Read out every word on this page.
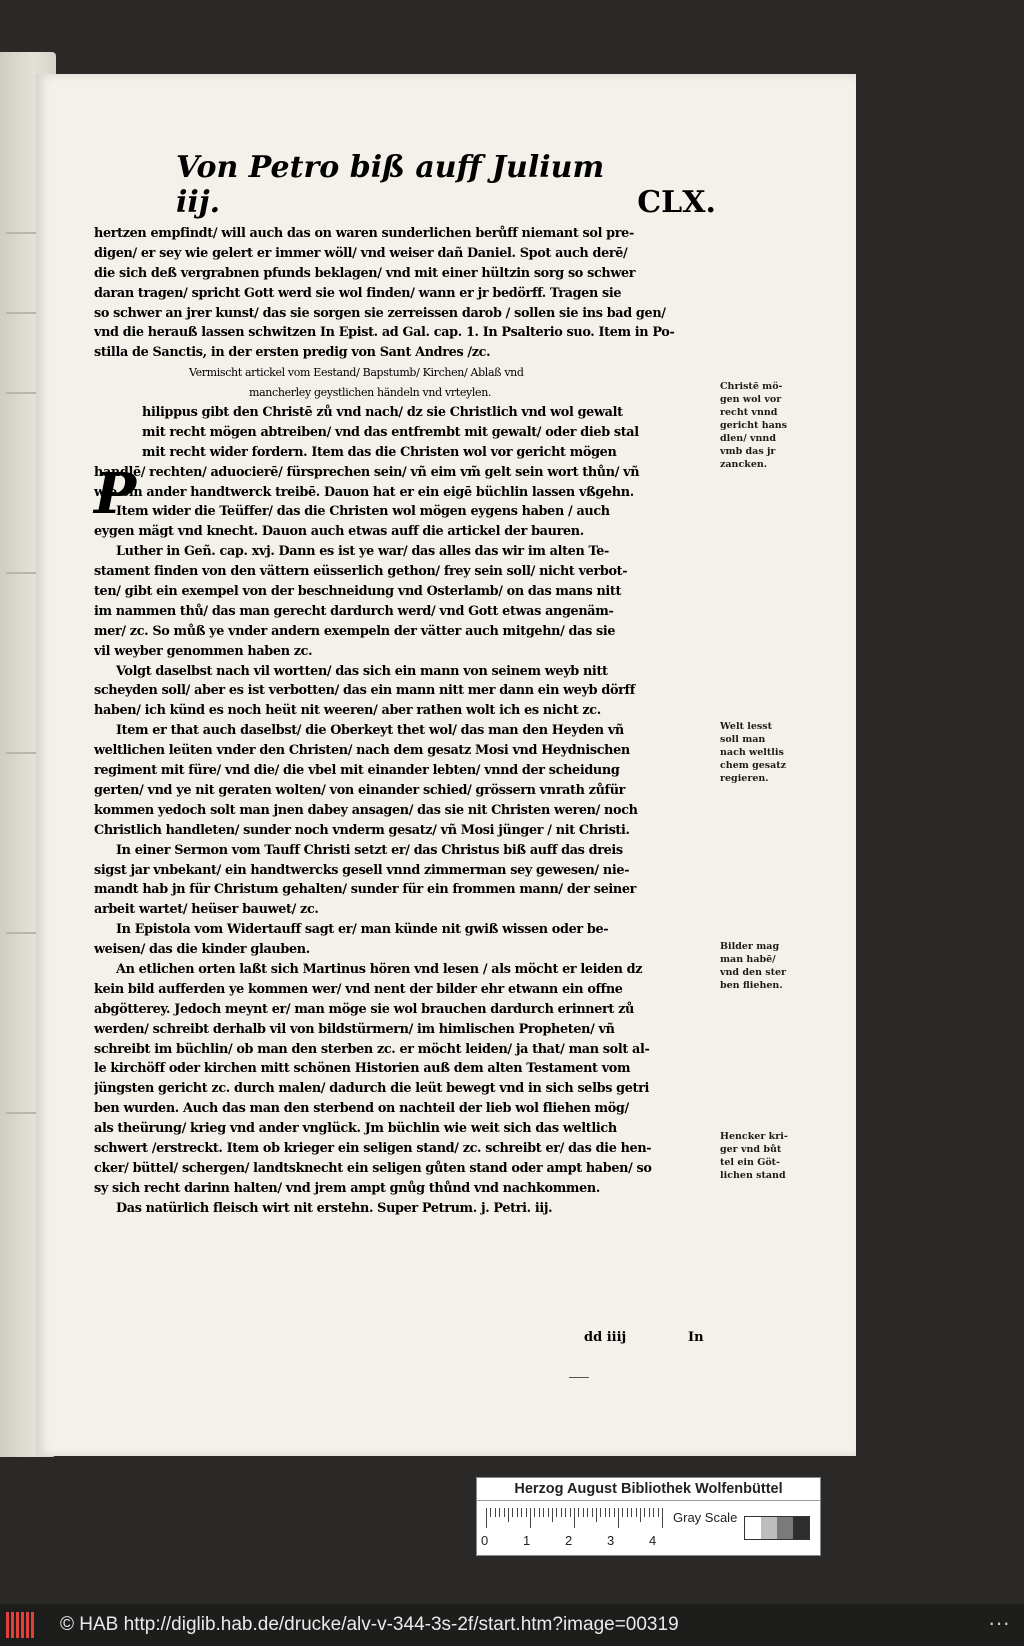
Von Petro biß auff Julium iij.	CLX.
P
hertzen empfindt/ will auch das on waren sunderlichen berůff niemant sol pre-
digen/ er sey wie gelert er immer wöll/ vnd weiser dañ Daniel. Spot auch derē/
die sich deß vergrabnen pfunds beklagen/ vnd mit einer hültzin sorg so schwer
daran tragen/ spricht Gott werd sie wol finden/ wann er jr bedörff. Tragen sie
so schwer an jrer kunst/ das sie sorgen sie zerreissen darob / sollen sie ins bad gen/
vnd die herauß lassen schwitzen In Epist. ad Gal. cap. 1. In Psalterio suo. Item in Po-
stilla de Sanctis, in der ersten predig von Sant Andres /zc.
Vermischt artickel vom Eestand/ Bapstumb/ Kirchen/ Ablaß vnd
mancherley geystlichen händeln vnd vrteylen.
hilippus gibt den Christē zů vnd nach/ dz sie Christlich vnd wol gewalt
mit recht mögen abtreiben/ vnd das entfrembt mit gewalt/ oder dieb stal
mit recht wider fordern. Item das die Christen wol vor gericht mögen
handlē/ rechten/ aduocierē/ fürsprechen sein/ vñ eim vm̃ gelt sein wort thůn/ vñ
wie ein ander handtwerck treibē. Dauon hat er ein eigē büchlin lassen vßgehn.
Item wider die Teüffer/ das die Christen wol mögen eygens haben / auch
eygen mägt vnd knecht. Dauon auch etwas auff die artickel der bauren.
Luther in Geñ. cap. xvj. Dann es ist ye war/ das alles das wir im alten Te-
stament finden von den vättern eüsserlich gethon/ frey sein soll/ nicht verbot-
ten/ gibt ein exempel von der beschneidung vnd Osterlamb/ on das mans nitt
im nammen thů/ das man gerecht dardurch werd/ vnd Gott etwas angenäm-
mer/ zc. So můß ye vnder andern exempeln der vätter auch mitgehn/ das sie
vil weyber genommen haben zc.
Volgt daselbst nach vil wortten/ das sich ein mann von seinem weyb nitt
scheyden soll/ aber es ist verbotten/ das ein mann nitt mer dann ein weyb dörff
haben/ ich künd es noch heüt nit weeren/ aber rathen wolt ich es nicht zc.
Item er that auch daselbst/ die Oberkeyt thet wol/ das man den Heyden vñ
weltlichen leüten vnder den Christen/ nach dem gesatz Mosi vnd Heydnischen
regiment mit füre/ vnd die/ die vbel mit einander lebten/ vnnd der scheidung
gerten/ vnd ye nit geraten wolten/ von einander schied/ grössern vnrath zůfür
kommen yedoch solt man jnen dabey ansagen/ das sie nit Christen weren/ noch
Christlich handleten/ sunder noch vnderm gesatz/ vñ Mosi jünger / nit Christi.
In einer Sermon vom Tauff Christi setzt er/ das Christus biß auff das dreis
sigst jar vnbekant/ ein handtwercks gesell vnnd zimmerman sey gewesen/ nie-
mandt hab jn für Christum gehalten/ sunder für ein frommen mann/ der seiner
arbeit wartet/ heüser bauwet/ zc.
In Epistola vom Widertauff sagt er/ man künde nit gwiß wissen oder be-
weisen/ das die kinder glauben.
An etlichen orten laßt sich Martinus hören vnd lesen / als möcht er leiden dz
kein bild aufferden ye kommen wer/ vnd nent der bilder ehr etwann ein offne
abgötterey. Jedoch meynt er/ man möge sie wol brauchen dardurch erinnert zů
werden/ schreibt derhalb vil von bildstürmern/ im himlischen Propheten/ vñ
schreibt im büchlin/ ob man den sterben zc. er möcht leiden/ ja that/ man solt al-
le kirchöff oder kirchen mitt schönen Historien auß dem alten Testament vom
jüngsten gericht zc. durch malen/ dadurch die leüt bewegt vnd in sich selbs getri
ben wurden. Auch das man den sterbend on nachteil der lieb wol fliehen mög/
als theürung/ krieg vnd ander vnglück. Jm büchlin wie weit sich das weltlich
schwert /erstreckt. Item ob krieger ein seligen stand/ zc. schreibt er/ das die hen-
cker/ büttel/ schergen/ landtsknecht ein seligen gůten stand oder ampt haben/ so
sy sich recht darinn halten/ vnd jrem ampt gnůg thůnd vnd nachkommen.
Das natürlich fleisch wirt nit erstehn. Super Petrum. j. Petri. iij.
Christē mö-
gen wol vor
recht vnnd
gericht hans
dlen/ vnnd
vmb das jr
zancken.
Welt lesst
soll man
nach weltlis
chem gesatz
regieren.
Bilder mag
man habē/
vnd den ster
ben fliehen.
Hencker kri-
ger vnd bůt
tel ein Göt-
lichen stand
dd iiij	In
Herzog August Bibliothek Wolfenbüttel
0	1	2	3	4
Gray Scale
© HAB http://diglib.hab.de/drucke/alv-v-344-3s-2f/start.htm?image=00319	···
